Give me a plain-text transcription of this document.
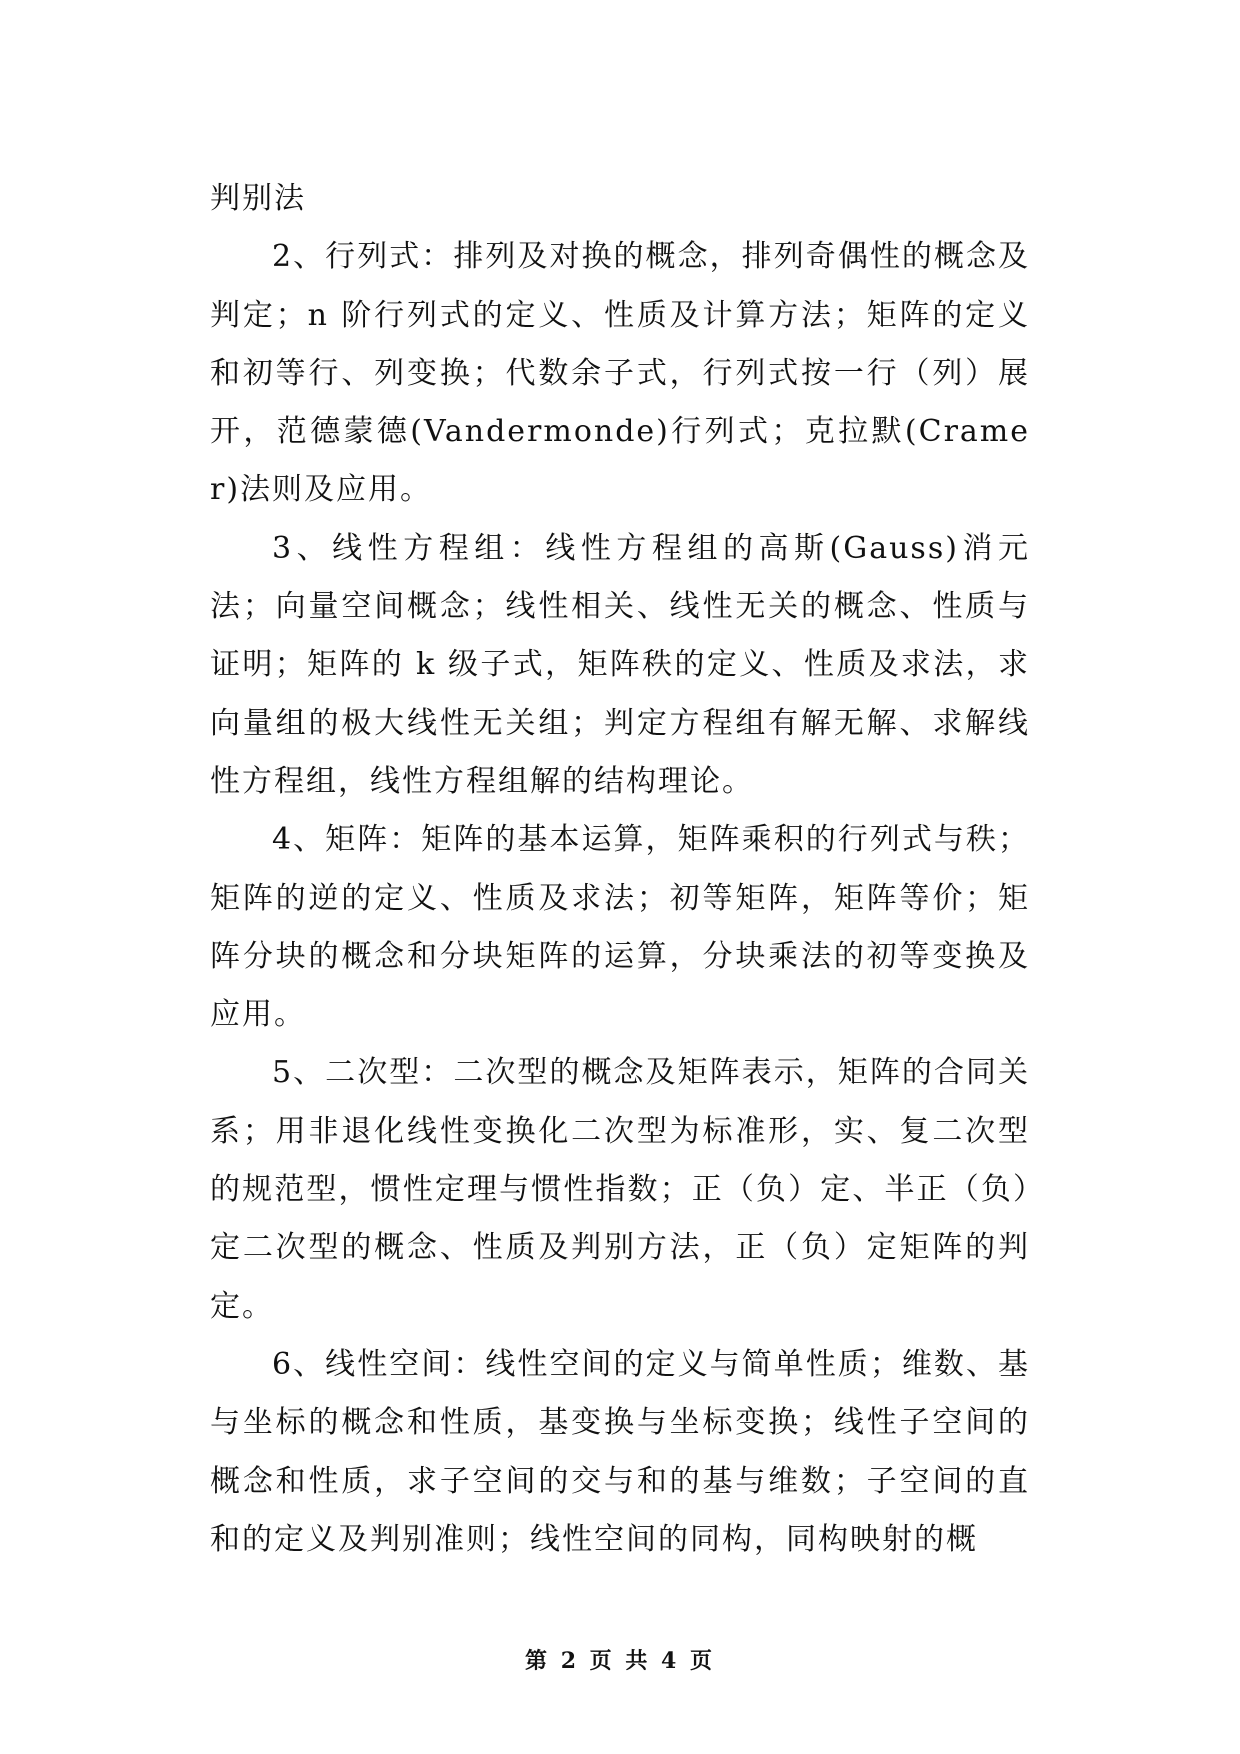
判别法

2、行列式：排列及对换的概念，排列奇偶性的概念及判定；n 阶行列式的定义、性质及计算方法；矩阵的定义和初等行、列变换；代数余子式，行列式按一行（列）展开，范德蒙德(Vandermonde)行列式；克拉默(Cramer)法则及应用。

3、线性方程组：线性方程组的高斯(Gauss)消元法；向量空间概念；线性相关、线性无关的概念、性质与证明；矩阵的 k 级子式，矩阵秩的定义、性质及求法，求向量组的极大线性无关组；判定方程组有解无解、求解线性方程组，线性方程组解的结构理论。

4、矩阵：矩阵的基本运算，矩阵乘积的行列式与秩；矩阵的逆的定义、性质及求法；初等矩阵，矩阵等价；矩阵分块的概念和分块矩阵的运算，分块乘法的初等变换及应用。

5、二次型：二次型的概念及矩阵表示，矩阵的合同关系；用非退化线性变换化二次型为标准形，实、复二次型的规范型，惯性定理与惯性指数；正（负）定、半正（负）定二次型的概念、性质及判别方法，正（负）定矩阵的判定。

6、线性空间：线性空间的定义与简单性质；维数、基与坐标的概念和性质，基变换与坐标变换；线性子空间的概念和性质，求子空间的交与和的基与维数；子空间的直和的定义及判别准则；线性空间的同构，同构映射的概

第 2 页 共 4 页
